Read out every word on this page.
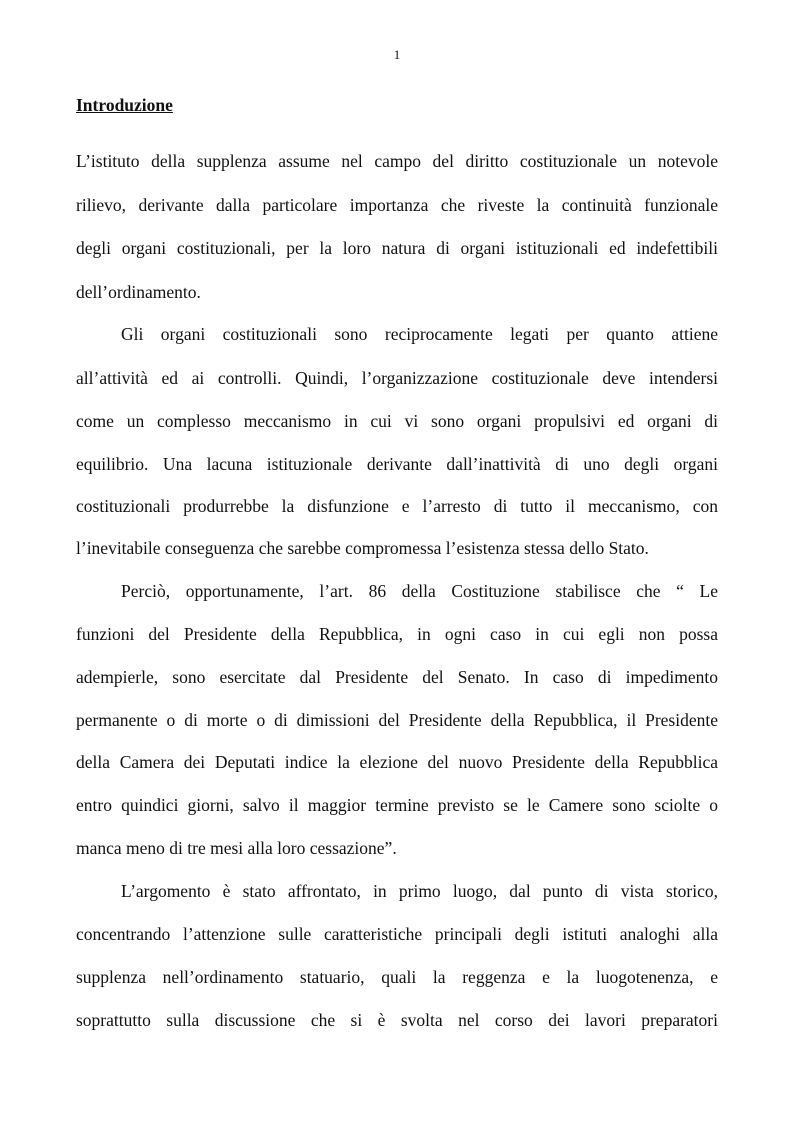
1
Introduzione
L’istituto della supplenza assume nel campo del diritto costituzionale un notevole
rilievo, derivante dalla particolare importanza che riveste la continuità funzionale
degli organi costituzionali, per la loro natura di organi istituzionali ed indefettibili
dell’ordinamento.
Gli organi costituzionali sono reciprocamente legati per quanto attiene
all’attività ed ai controlli. Quindi, l’organizzazione costituzionale deve intendersi
come un complesso meccanismo in cui vi sono organi propulsivi ed organi di
equilibrio. Una lacuna istituzionale derivante dall’inattività di uno degli organi
costituzionali produrrebbe la disfunzione e l’arresto di tutto il meccanismo, con
l’inevitabile conseguenza che sarebbe compromessa l’esistenza stessa dello Stato.
Perciò, opportunamente, l’art. 86 della Costituzione stabilisce che “ Le
funzioni del Presidente della Repubblica, in ogni caso in cui egli non possa
adempierle, sono esercitate dal Presidente del Senato. In caso di impedimento
permanente o di morte o di dimissioni del Presidente della Repubblica, il Presidente
della Camera dei Deputati indice la elezione del nuovo Presidente della Repubblica
entro quindici giorni, salvo il maggior termine previsto se le Camere sono sciolte o
manca meno di tre mesi alla loro cessazione”.
L’argomento è stato affrontato, in primo luogo, dal punto di vista storico,
concentrando l’attenzione sulle caratteristiche principali degli istituti analoghi alla
supplenza nell’ordinamento statuario, quali la reggenza e la luogotenenza, e
soprattutto sulla discussione che si è svolta nel corso dei lavori preparatori
